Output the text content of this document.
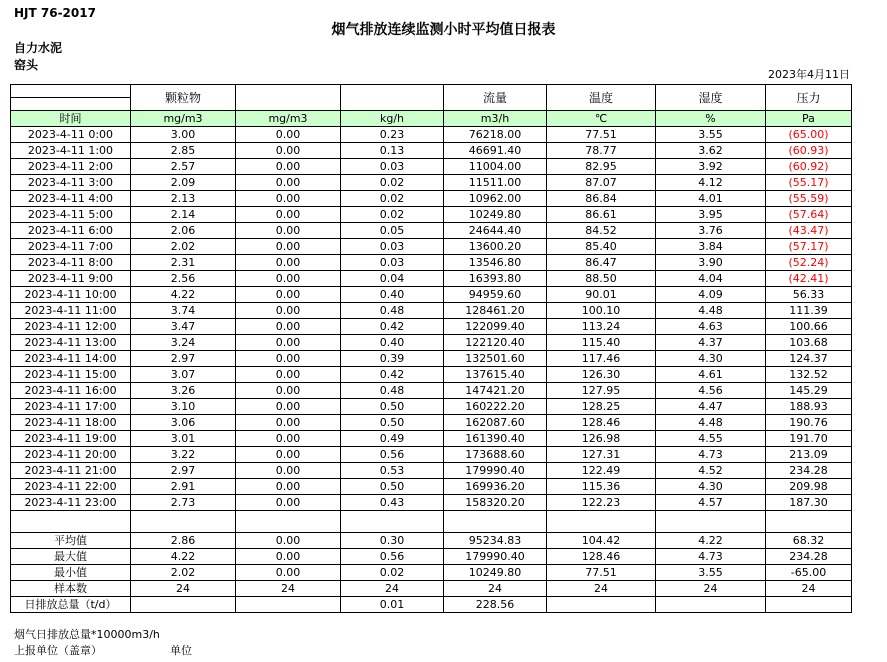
HJT 76-2017
烟气排放连续监测小时平均值日报表
自力水泥
窑头
2023年4月11日
	颗粒物			流量	温度	湿度	压力

时间	mg/m3	mg/m3	kg/h	m3/h	℃	%	Pa
2023-4-11 0:00	3.00	0.00	0.23	76218.00	77.51	3.55	(65.00)
2023-4-11 1:00	2.85	0.00	0.13	46691.40	78.77	3.62	(60.93)
2023-4-11 2:00	2.57	0.00	0.03	11004.00	82.95	3.92	(60.92)
2023-4-11 3:00	2.09	0.00	0.02	11511.00	87.07	4.12	(55.17)
2023-4-11 4:00	2.13	0.00	0.02	10962.00	86.84	4.01	(55.59)
2023-4-11 5:00	2.14	0.00	0.02	10249.80	86.61	3.95	(57.64)
2023-4-11 6:00	2.06	0.00	0.05	24644.40	84.52	3.76	(43.47)
2023-4-11 7:00	2.02	0.00	0.03	13600.20	85.40	3.84	(57.17)
2023-4-11 8:00	2.31	0.00	0.03	13546.80	86.47	3.90	(52.24)
2023-4-11 9:00	2.56	0.00	0.04	16393.80	88.50	4.04	(42.41)
2023-4-11 10:00	4.22	0.00	0.40	94959.60	90.01	4.09	56.33
2023-4-11 11:00	3.74	0.00	0.48	128461.20	100.10	4.48	111.39
2023-4-11 12:00	3.47	0.00	0.42	122099.40	113.24	4.63	100.66
2023-4-11 13:00	3.24	0.00	0.40	122120.40	115.40	4.37	103.68
2023-4-11 14:00	2.97	0.00	0.39	132501.60	117.46	4.30	124.37
2023-4-11 15:00	3.07	0.00	0.42	137615.40	126.30	4.61	132.52
2023-4-11 16:00	3.26	0.00	0.48	147421.20	127.95	4.56	145.29
2023-4-11 17:00	3.10	0.00	0.50	160222.20	128.25	4.47	188.93
2023-4-11 18:00	3.06	0.00	0.50	162087.60	128.46	4.48	190.76
2023-4-11 19:00	3.01	0.00	0.49	161390.40	126.98	4.55	191.70
2023-4-11 20:00	3.22	0.00	0.56	173688.60	127.31	4.73	213.09
2023-4-11 21:00	2.97	0.00	0.53	179990.40	122.49	4.52	234.28
2023-4-11 22:00	2.91	0.00	0.50	169936.20	115.36	4.30	209.98
2023-4-11 23:00	2.73	0.00	0.43	158320.20	122.23	4.57	187.30

平均值	2.86	0.00	0.30	95234.83	104.42	4.22	68.32
最大值	4.22	0.00	0.56	179990.40	128.46	4.73	234.28
最小值	2.02	0.00	0.02	10249.80	77.51	3.55	-65.00
样本数	24	24	24	24	24	24	24
日排放总量（t/d）			0.01	228.56			
烟气日排放总量*10000m3/h
上报单位（盖章）	单位
